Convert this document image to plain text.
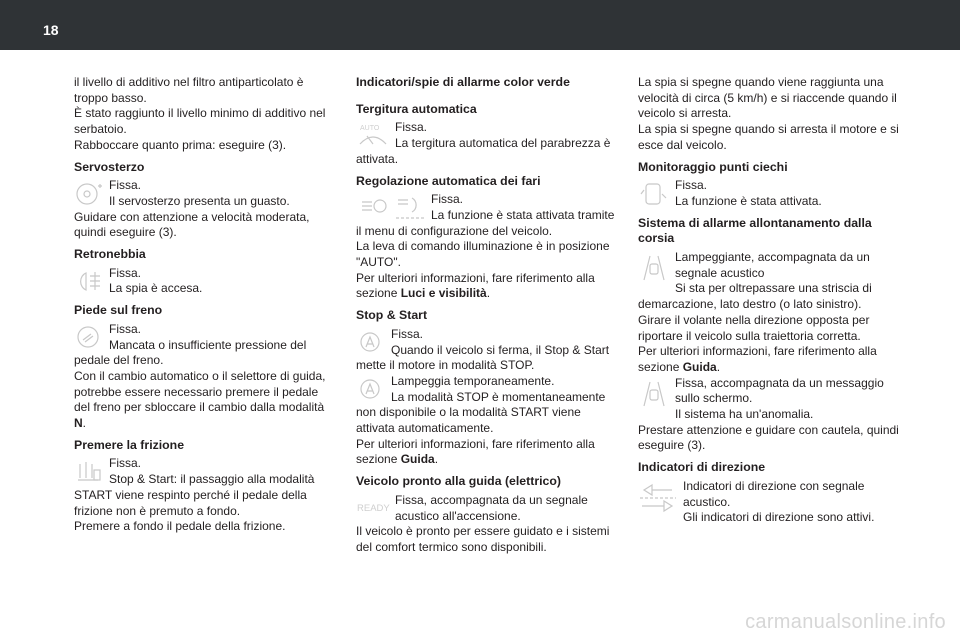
18

il livello di additivo nel filtro antiparticolato è troppo basso.

È stato raggiunto il livello minimo di additivo nel serbatoio.

Rabboccare quanto prima: eseguire (3).

Servosterzo

Fissa.

Il servosterzo presenta un guasto.

Guidare con attenzione a velocità moderata, quindi eseguire (3).

Retronebbia

Fissa.

La spia è accesa.

Piede sul freno

Fissa.

Mancata o insufficiente pressione del

pedale del freno.

Con il cambio automatico o il selettore di guida, potrebbe essere necessario premere il pedale del freno per sbloccare il cambio dalla modalità

N.

Premere la frizione

Fissa.

Stop & Start: il passaggio alla modalità

START viene respinto perché il pedale della frizione non è premuto a fondo.

Premere a fondo il pedale della frizione.

Indicatori/spie di allarme color verde
Tergitura automatica
AUTO	Fissa.

La tergitura automatica del parabrezza è

attivata.

Regolazione automatica dei fari

Fissa.

La funzione è stata attivata tramite

il menu di configurazione del veicolo.

La leva di comando illuminazione è in posizione "AUTO".

Per ulteriori informazioni, fare riferimento alla

sezione Luci e visibilità.

Stop & Start

Fissa.

Quando il veicolo si ferma, il Stop & Start

mette il motore in modalità STOP.

Lampeggia temporaneamente.

La modalità STOP è momentaneamente

non disponibile o la modalità START viene attivata automaticamente.

Per ulteriori informazioni, fare riferimento alla

sezione Guida.

Veicolo pronto alla guida (elettrico)
READY

Fissa, accompagnata da un segnale

acustico all'accensione.

Il veicolo è pronto per essere guidato e i sistemi del comfort termico sono disponibili.

La spia si spegne quando viene raggiunta una velocità di circa (5 km/h) e si riaccende quando il veicolo si arresta.

La spia si spegne quando si arresta il motore e si esce dal veicolo.

Monitoraggio punti ciechi

Fissa.

La funzione è stata attivata.

Sistema di allarme allontanamento dalla corsia

Lampeggiante, accompagnata da un

segnale acustico

Si sta per oltrepassare una striscia di demarcazione, lato destro (o lato sinistro).

Girare il volante nella direzione opposta per riportare il veicolo sulla traiettoria corretta.

Per ulteriori informazioni, fare riferimento alla

sezione Guida.

Fissa, accompagnata da un messaggio

sullo schermo.

Il sistema ha un'anomalia.

Prestare attenzione e guidare con cautela, quindi eseguire (3).

Indicatori di direzione

Indicatori di direzione con segnale

acustico.

Gli indicatori di direzione sono attivi.

carmanualsonline.info
